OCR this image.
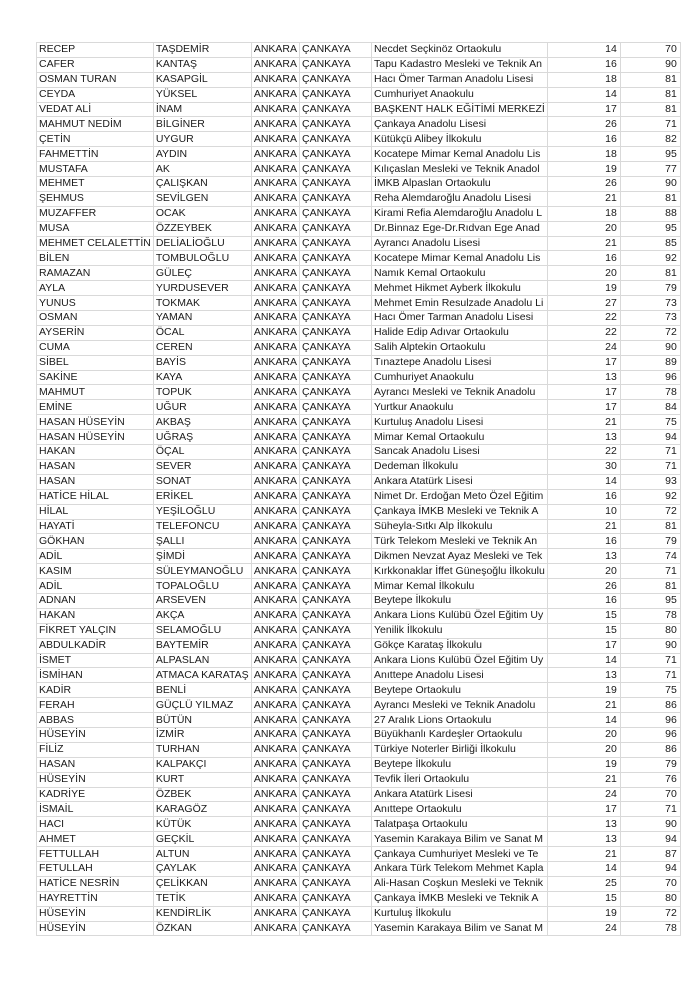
RECEP	TAŞDEMİR	ANKARA	ÇANKAYA	Necdet Seçkinöz Ortaokulu	14	70
CAFER	KANTAŞ	ANKARA	ÇANKAYA	Tapu Kadastro Mesleki ve Teknik An	16	90
OSMAN TURAN	KASAPGİL	ANKARA	ÇANKAYA	Hacı Ömer Tarman Anadolu Lisesi	18	81
CEYDA	YÜKSEL	ANKARA	ÇANKAYA	Cumhuriyet Anaokulu	14	81
VEDAT ALİ	İNAM	ANKARA	ÇANKAYA	BAŞKENT HALK EĞİTİMİ MERKEZİ	17	81
MAHMUT NEDİM	BİLGİNER	ANKARA	ÇANKAYA	Çankaya Anadolu Lisesi	26	71
ÇETİN	UYGUR	ANKARA	ÇANKAYA	Kütükçü Alibey İlkokulu	16	82
FAHMETTİN	AYDIN	ANKARA	ÇANKAYA	Kocatepe Mimar Kemal Anadolu Lis	18	95
MUSTAFA	AK	ANKARA	ÇANKAYA	Kılıçaslan Mesleki ve Teknik Anadol	19	77
MEHMET	ÇALIŞKAN	ANKARA	ÇANKAYA	İMKB Alpaslan Ortaokulu	26	90
ŞEHMUS	SEVİLGEN	ANKARA	ÇANKAYA	Reha Alemdaroğlu Anadolu Lisesi	21	81
MUZAFFER	OCAK	ANKARA	ÇANKAYA	Kirami Refia Alemdaroğlu Anadolu L	18	88
MUSA	ÖZZEYBEK	ANKARA	ÇANKAYA	Dr.Binnaz Ege-Dr.Rıdvan Ege Anad	20	95
MEHMET CELALETTİN	DELİALİOĞLU	ANKARA	ÇANKAYA	Ayrancı Anadolu Lisesi	21	85
BİLEN	TOMBULOĞLU	ANKARA	ÇANKAYA	Kocatepe Mimar Kemal Anadolu Lis	16	92
RAMAZAN	GÜLEÇ	ANKARA	ÇANKAYA	Namık Kemal Ortaokulu	20	81
AYLA	YURDUSEVER	ANKARA	ÇANKAYA	Mehmet Hikmet Ayberk İlkokulu	19	79
YUNUS	TOKMAK	ANKARA	ÇANKAYA	Mehmet Emin Resulzade Anadolu Li	27	73
OSMAN	YAMAN	ANKARA	ÇANKAYA	Hacı Ömer Tarman Anadolu Lisesi	22	73
AYSERİN	ÖCAL	ANKARA	ÇANKAYA	Halide Edip Adıvar Ortaokulu	22	72
CUMA	CEREN	ANKARA	ÇANKAYA	Salih Alptekin Ortaokulu	24	90
SİBEL	BAYİS	ANKARA	ÇANKAYA	Tınaztepe Anadolu Lisesi	17	89
SAKİNE	KAYA	ANKARA	ÇANKAYA	Cumhuriyet Anaokulu	13	96
MAHMUT	TOPUK	ANKARA	ÇANKAYA	Ayrancı Mesleki ve Teknik Anadolu	17	78
EMİNE	UĞUR	ANKARA	ÇANKAYA	Yurtkur Anaokulu	17	84
HASAN HÜSEYİN	AKBAŞ	ANKARA	ÇANKAYA	Kurtuluş Anadolu Lisesi	21	75
HASAN HÜSEYİN	UĞRAŞ	ANKARA	ÇANKAYA	Mimar Kemal Ortaokulu	13	94
HAKAN	ÖÇAL	ANKARA	ÇANKAYA	Sancak Anadolu Lisesi	22	71
HASAN	SEVER	ANKARA	ÇANKAYA	Dedeman İlkokulu	30	71
HASAN	SONAT	ANKARA	ÇANKAYA	Ankara Atatürk Lisesi	14	93
HATİCE HİLAL	ERİKEL	ANKARA	ÇANKAYA	Nimet Dr. Erdoğan Meto Özel Eğitim	16	92
HİLAL	YEŞİLOĞLU	ANKARA	ÇANKAYA	Çankaya İMKB Mesleki ve Teknik A	10	72
HAYATİ	TELEFONCU	ANKARA	ÇANKAYA	Süheyla-Sıtkı Alp İlkokulu	21	81
GÖKHAN	ŞALLI	ANKARA	ÇANKAYA	Türk Telekom Mesleki ve Teknik An	16	79
ADİL	ŞİMDİ	ANKARA	ÇANKAYA	Dikmen Nevzat Ayaz Mesleki ve Tek	13	74
KASIM	SÜLEYMANOĞLU	ANKARA	ÇANKAYA	Kırkkonaklar İffet Güneşoğlu İlkokulu	20	71
ADİL	TOPALOĞLU	ANKARA	ÇANKAYA	Mimar Kemal İlkokulu	26	81
ADNAN	ARSEVEN	ANKARA	ÇANKAYA	Beytepe İlkokulu	16	95
HAKAN	AKÇA	ANKARA	ÇANKAYA	Ankara Lions Kulübü Özel Eğitim Uy	15	78
FİKRET YALÇIN	SELAMOĞLU	ANKARA	ÇANKAYA	Yenilik İlkokulu	15	80
ABDULKADİR	BAYTEMİR	ANKARA	ÇANKAYA	Gökçe Karataş İlkokulu	17	90
İSMET	ALPASLAN	ANKARA	ÇANKAYA	Ankara Lions Kulübü Özel Eğitim Uy	14	71
İSMİHAN	ATMACA KARATAŞ	ANKARA	ÇANKAYA	Anıttepe Anadolu Lisesi	13	71
KADİR	BENLİ	ANKARA	ÇANKAYA	Beytepe Ortaokulu	19	75
FERAH	GÜÇLÜ YILMAZ	ANKARA	ÇANKAYA	Ayrancı Mesleki ve Teknik Anadolu	21	86
ABBAS	BÜTÜN	ANKARA	ÇANKAYA	27 Aralık Lions Ortaokulu	14	96
HÜSEYİN	İZMİR	ANKARA	ÇANKAYA	Büyükhanlı Kardeşler Ortaokulu	20	96
FİLİZ	TURHAN	ANKARA	ÇANKAYA	Türkiye Noterler Birliği İlkokulu	20	86
HASAN	KALPAKÇI	ANKARA	ÇANKAYA	Beytepe İlkokulu	19	79
HÜSEYİN	KURT	ANKARA	ÇANKAYA	Tevfik İleri Ortaokulu	21	76
KADRİYE	ÖZBEK	ANKARA	ÇANKAYA	Ankara Atatürk Lisesi	24	70
İSMAİL	KARAGÖZ	ANKARA	ÇANKAYA	Anıttepe Ortaokulu	17	71
HACI	KÜTÜK	ANKARA	ÇANKAYA	Talatpaşa Ortaokulu	13	90
AHMET	GEÇKİL	ANKARA	ÇANKAYA	Yasemin Karakaya Bilim ve Sanat M	13	94
FETTULLAH	ALTUN	ANKARA	ÇANKAYA	Çankaya Cumhuriyet Mesleki ve Te	21	87
FETULLAH	ÇAYLAK	ANKARA	ÇANKAYA	Ankara Türk Telekom Mehmet Kapla	14	94
HATİCE NESRİN	ÇELİKKAN	ANKARA	ÇANKAYA	Ali-Hasan Coşkun Mesleki ve Teknik	25	70
HAYRETTİN	TETİK	ANKARA	ÇANKAYA	Çankaya İMKB Mesleki ve Teknik A	15	80
HÜSEYİN	KENDİRLİK	ANKARA	ÇANKAYA	Kurtuluş İlkokulu	19	72
HÜSEYİN	ÖZKAN	ANKARA	ÇANKAYA	Yasemin Karakaya Bilim ve Sanat M	24	78
